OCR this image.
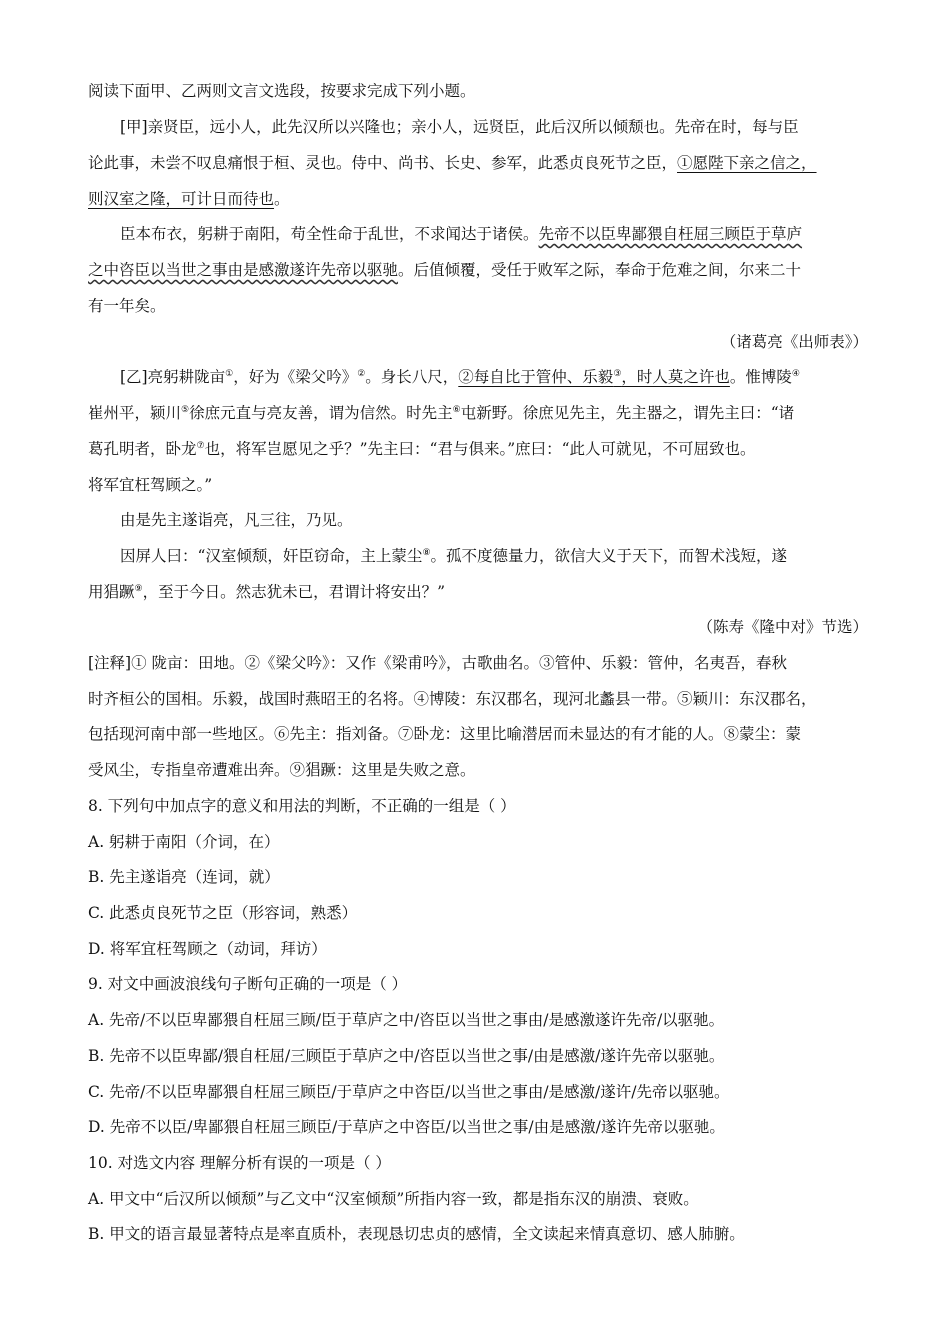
阅读下面甲、乙两则文言文选段，按要求完成下列小题。
[甲]亲贤臣，远小人，此先汉所以兴隆也；亲小人，远贤臣，此后汉所以倾颓也。先帝在时，每与臣
论此事，未尝不叹息痛恨于桓、灵也。侍中、尚书、长史、参军，此悉贞良死节之臣，①愿陛下亲之信之，
则汉室之隆，可计日而待也。
臣本布衣，躬耕于南阳，苟全性命于乱世，不求闻达于诸侯。先帝不以臣卑鄙猥自枉屈三顾臣于草庐
之中咨臣以当世之事由是感激遂许先帝以驱驰。后值倾覆，受任于败军之际，奉命于危难之间，尔来二十
有一年矣。
（诸葛亮《出师表》）
[乙]亮躬耕陇亩①，好为《梁父吟》②。身长八尺，②每自比于管仲、乐毅③，时人莫之许也。惟博陵④
崔州平，颍川⑤徐庶元直与亮友善，谓为信然。时先主⑥屯新野。徐庶见先主，先主器之，谓先主曰：“诸
葛孔明者，卧龙⑦也，将军岂愿见之乎？”先主曰：“君与俱来。”庶曰：“此人可就见，不可屈致也。
将军宜枉驾顾之。”
由是先主遂诣亮，凡三往，乃见。
因屏人曰：“汉室倾颓，奸臣窃命，主上蒙尘⑧。孤不度德量力，欲信大义于天下，而智术浅短，遂
用猖蹶⑨，至于今日。然志犹未已，君谓计将安出？”
（陈寿《隆中对》节选）
[注释]① 陇亩：田地。②《梁父吟》：又作《梁甫吟》，古歌曲名。③管仲、乐毅：管仲，名夷吾，春秋
时齐桓公的国相。乐毅，战国时燕昭王的名将。④博陵：东汉郡名，现河北蠡县一带。⑤颖川：东汉郡名，
包括现河南中部一些地区。⑥先主：指刘备。⑦卧龙：这里比喻潜居而未显达的有才能的人。⑧蒙尘：蒙
受风尘，专指皇帝遭难出奔。⑨猖蹶：这里是失败之意。
8. 下列句中加点字的意义和用法的判断，不正确的一组是（ ）
A. 躬耕于南阳（介词，在）
B. 先主遂诣亮（连词，就）
C. 此悉贞良死节之臣（形容词，熟悉）
D. 将军宜枉驾顾之（动词，拜访）
9. 对文中画波浪线句子断句正确的一项是（ ）
A. 先帝/不以臣卑鄙猥自枉屈三顾/臣于草庐之中/咨臣以当世之事由/是感激遂许先帝/以驱驰。
B. 先帝不以臣卑鄙/猥自枉屈/三顾臣于草庐之中/咨臣以当世之事/由是感激/遂许先帝以驱驰。
C. 先帝/不以臣卑鄙猥自枉屈三顾臣/于草庐之中咨臣/以当世之事由/是感激/遂许/先帝以驱驰。
D. 先帝不以臣/卑鄙猥自枉屈三顾臣/于草庐之中咨臣/以当世之事/由是感激/遂许先帝以驱驰。
10. 对选文内容 理解分析有误的一项是（ ）
A. 甲文中“后汉所以倾颓”与乙文中“汉室倾颓”所指内容一致，都是指东汉的崩溃、衰败。
B. 甲文的语言最显著特点是率直质朴，表现恳切忠贞的感情，全文读起来情真意切、感人肺腑。
